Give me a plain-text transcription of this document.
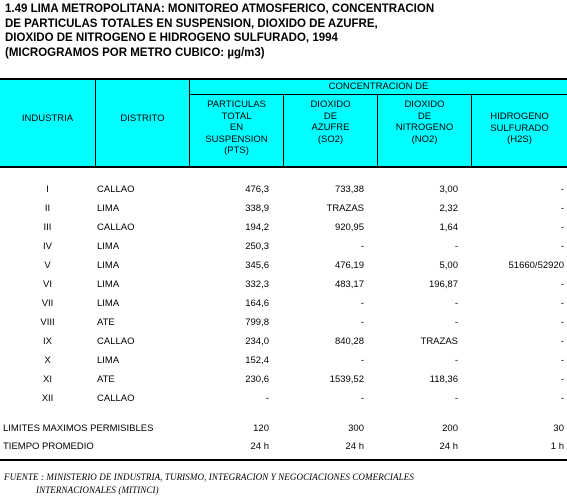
1.49 LIMA METROPOLITANA: MONITOREO ATMOSFERICO, CONCENTRACION
DE PARTICULAS TOTALES EN SUSPENSION, DIOXIDO DE AZUFRE,
DIOXIDO DE NITROGENO E HIDROGENO SULFURADO, 1994
(MICROGRAMOS POR METRO CUBICO: µg/m3)
INDUSTRIA	DISTRITO
CONCENTRACION DE
PARTICULAS
TOTAL
EN
SUSPENSION
(PTS)
DIOXIDO
DE
AZUFRE
(SO2)
DIOXIDO
DE
NITROGENO
(NO2)
HIDROGENO
SULFURADO
(H2S)
I	CALLAO	476,3	733,38	3,00	-
II	LIMA	338,9	TRAZAS	2,32	-
III	CALLAO	194,2	920,95	1,64	-
IV	LIMA	250,3	-	-	-
V	LIMA	345,6	476,19	5,00	51660/52920
VI	LIMA	332,3	483,17	196,87	-
VII	LIMA	164,6	-	-	-
VIII	ATE	799,8	-	-	-
IX	CALLAO	234,0	840,28	TRAZAS	-
X	LIMA	152,4	-	-	-
XI	ATE	230,6	1539,52	118,36	-
XII	CALLAO	-	-	-	-
LIMITES MAXIMOS PERMISIBLES	120	300	200	30
TIEMPO PROMEDIO	24 h	24 h	24 h	1 h
FUENTE : MINISTERIO DE INDUSTRIA, TURISMO, INTEGRACION Y NEGOCIACIONES COMERCIALES
INTERNACIONALES (MITINCI)
